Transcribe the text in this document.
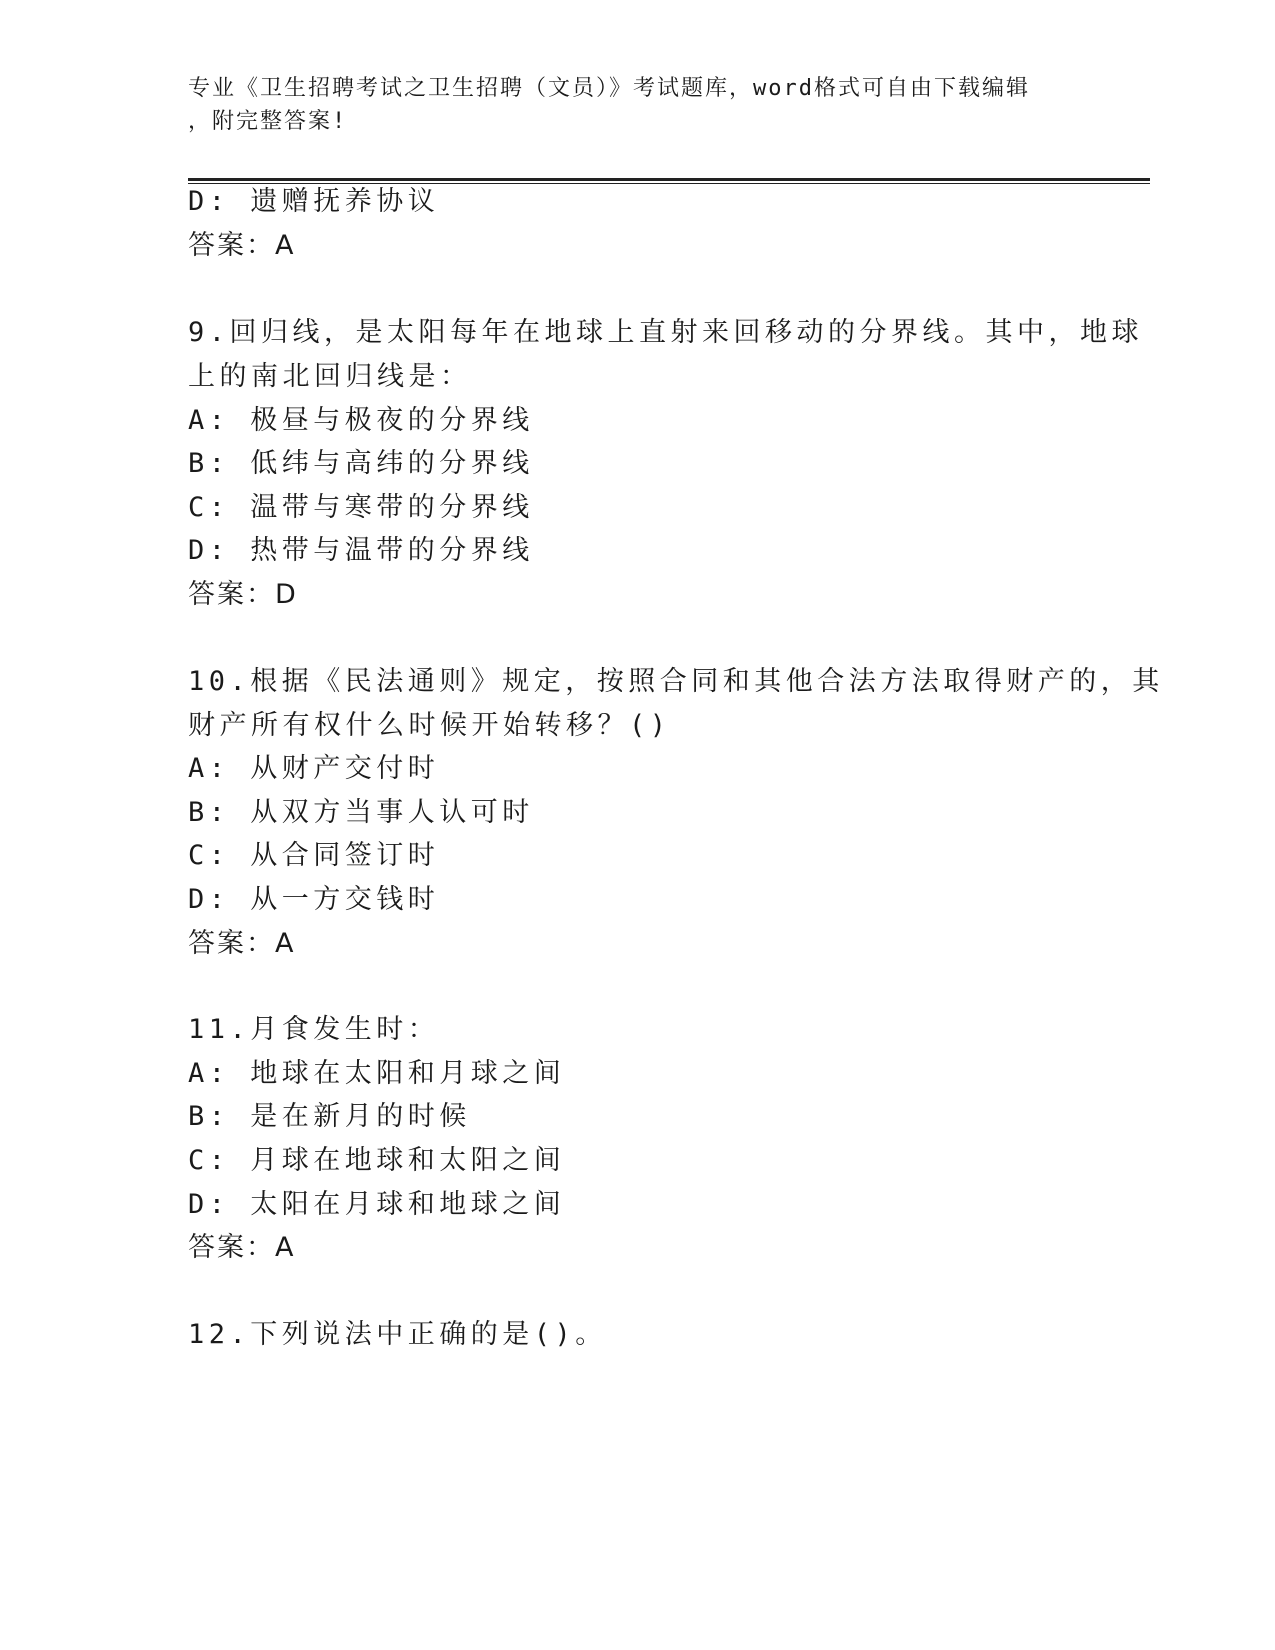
专业《卫生招聘考试之卫生招聘（文员）》考试题库，word格式可自由下载编辑
，附完整答案!
D: 遗赠抚养协议
答案：A
9.回归线，是太阳每年在地球上直射来回移动的分界线。其中，地球
上的南北回归线是：
A: 极昼与极夜的分界线
B: 低纬与高纬的分界线
C: 温带与寒带的分界线
D: 热带与温带的分界线
答案：D
10.根据《民法通则》规定，按照合同和其他合法方法取得财产的，其
财产所有权什么时候开始转移？()
A: 从财产交付时
B: 从双方当事人认可时
C: 从合同签订时
D: 从一方交钱时
答案：A
11.月食发生时：
A: 地球在太阳和月球之间
B: 是在新月的时候
C: 月球在地球和太阳之间
D: 太阳在月球和地球之间
答案：A
12.下列说法中正确的是()。
